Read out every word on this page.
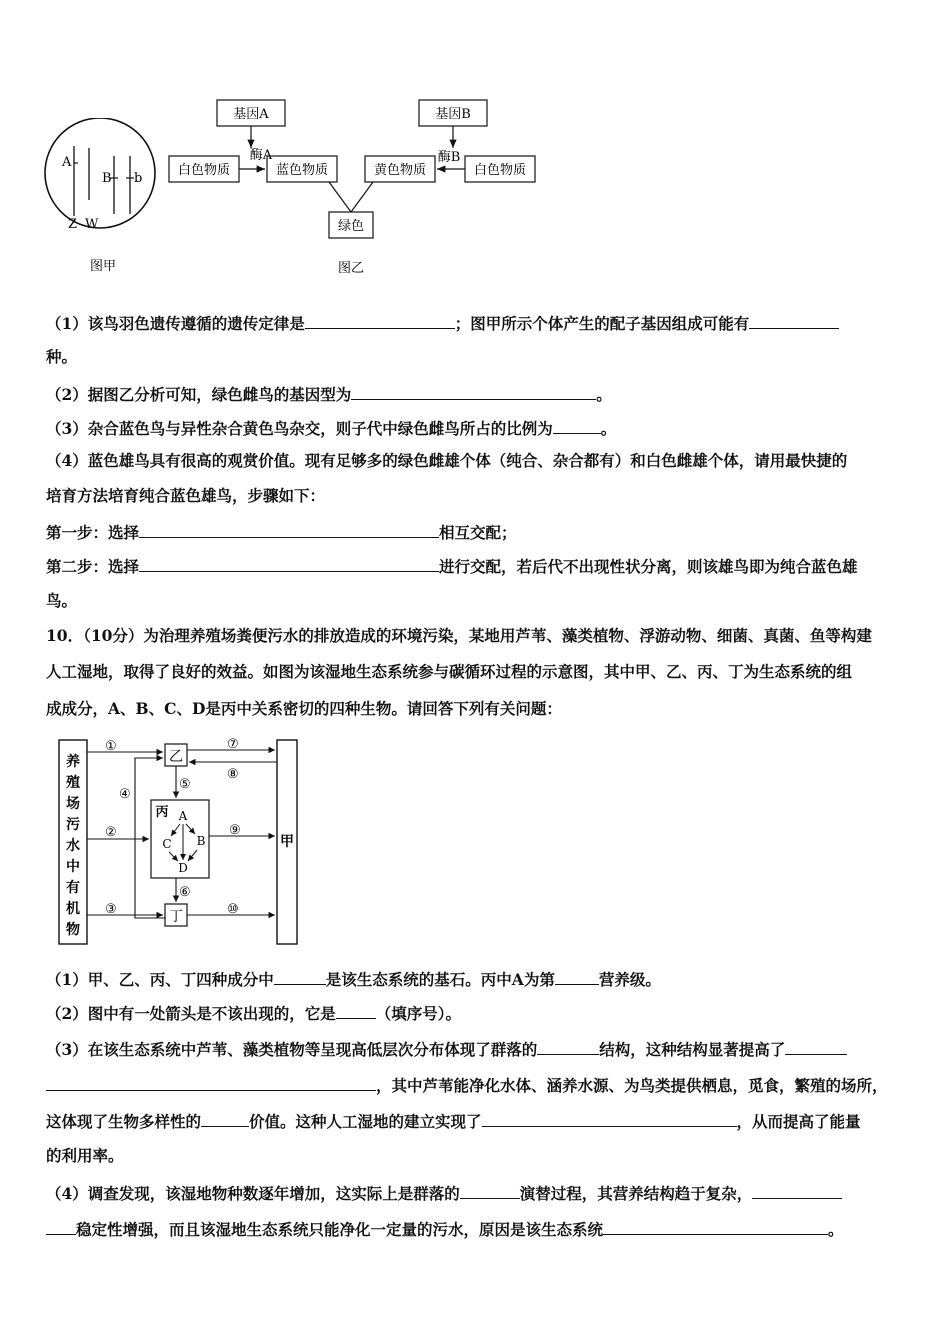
A
B b
Z W
图甲
基因A	基因B
白色物质	蓝色物质	黄色物质	白色物质
酶A	酶B
绿色
图乙
（1）该鸟羽色遗传遵循的遗传定律是	；图甲所示个体产生的配子基因组成可能有
种。
（2）据图乙分析可知，绿色雌鸟的基因型为	。
（3）杂合蓝色鸟与异性杂合黄色鸟杂交，则子代中绿色雌鸟所占的比例为	。
（4）蓝色雄鸟具有很高的观赏价值。现有足够多的绿色雌雄个体（纯合、杂合都有）和白色雌雄个体，请用最快捷的
培育方法培育纯合蓝色雄鸟，步骤如下：
第一步：选择	相互交配；
第二步：选择	进行交配，若后代不出现性状分离，则该雄鸟即为纯合蓝色雄
鸟。
10．（10分）为治理养殖场粪便污水的排放造成的环境污染，某地用芦苇、藻类植物、浮游动物、细菌、真菌、鱼等构建
人工湿地，取得了良好的效益。如图为该湿地生态系统参与碳循环过程的示意图，其中甲、乙、丙、丁为生态系统的组
成成分，A、B、C、D是丙中关系密切的四种生物。请回答下列有关问题：
养
殖
场
污
水
中
有
机
物
甲
乙
丙 A
C B
D
丁
①
②
③
④
⑤
⑥
⑦
⑧
⑨
⑩
（1）甲、乙、丙、丁四种成分中	是该生态系统的基石。丙中A为第	营养级。
（2）图中有一处箭头是不该出现的，它是	（填序号）。
（3）在该生态系统中芦苇、藻类植物等呈现高低层次分布体现了群落的	结构，这种结构显著提高了
，其中芦苇能净化水体、涵养水源、为鸟类提供栖息，觅食，繁殖的场所，
这体现了生物多样性的	价值。这种人工湿地的建立实现了	，从而提高了能量
的利用率。
（4）调查发现，该湿地物种数逐年增加，这实际上是群落的	演替过程，其营养结构趋于复杂，
稳定性增强，而且该湿地生态系统只能净化一定量的污水，原因是该生态系统	。
